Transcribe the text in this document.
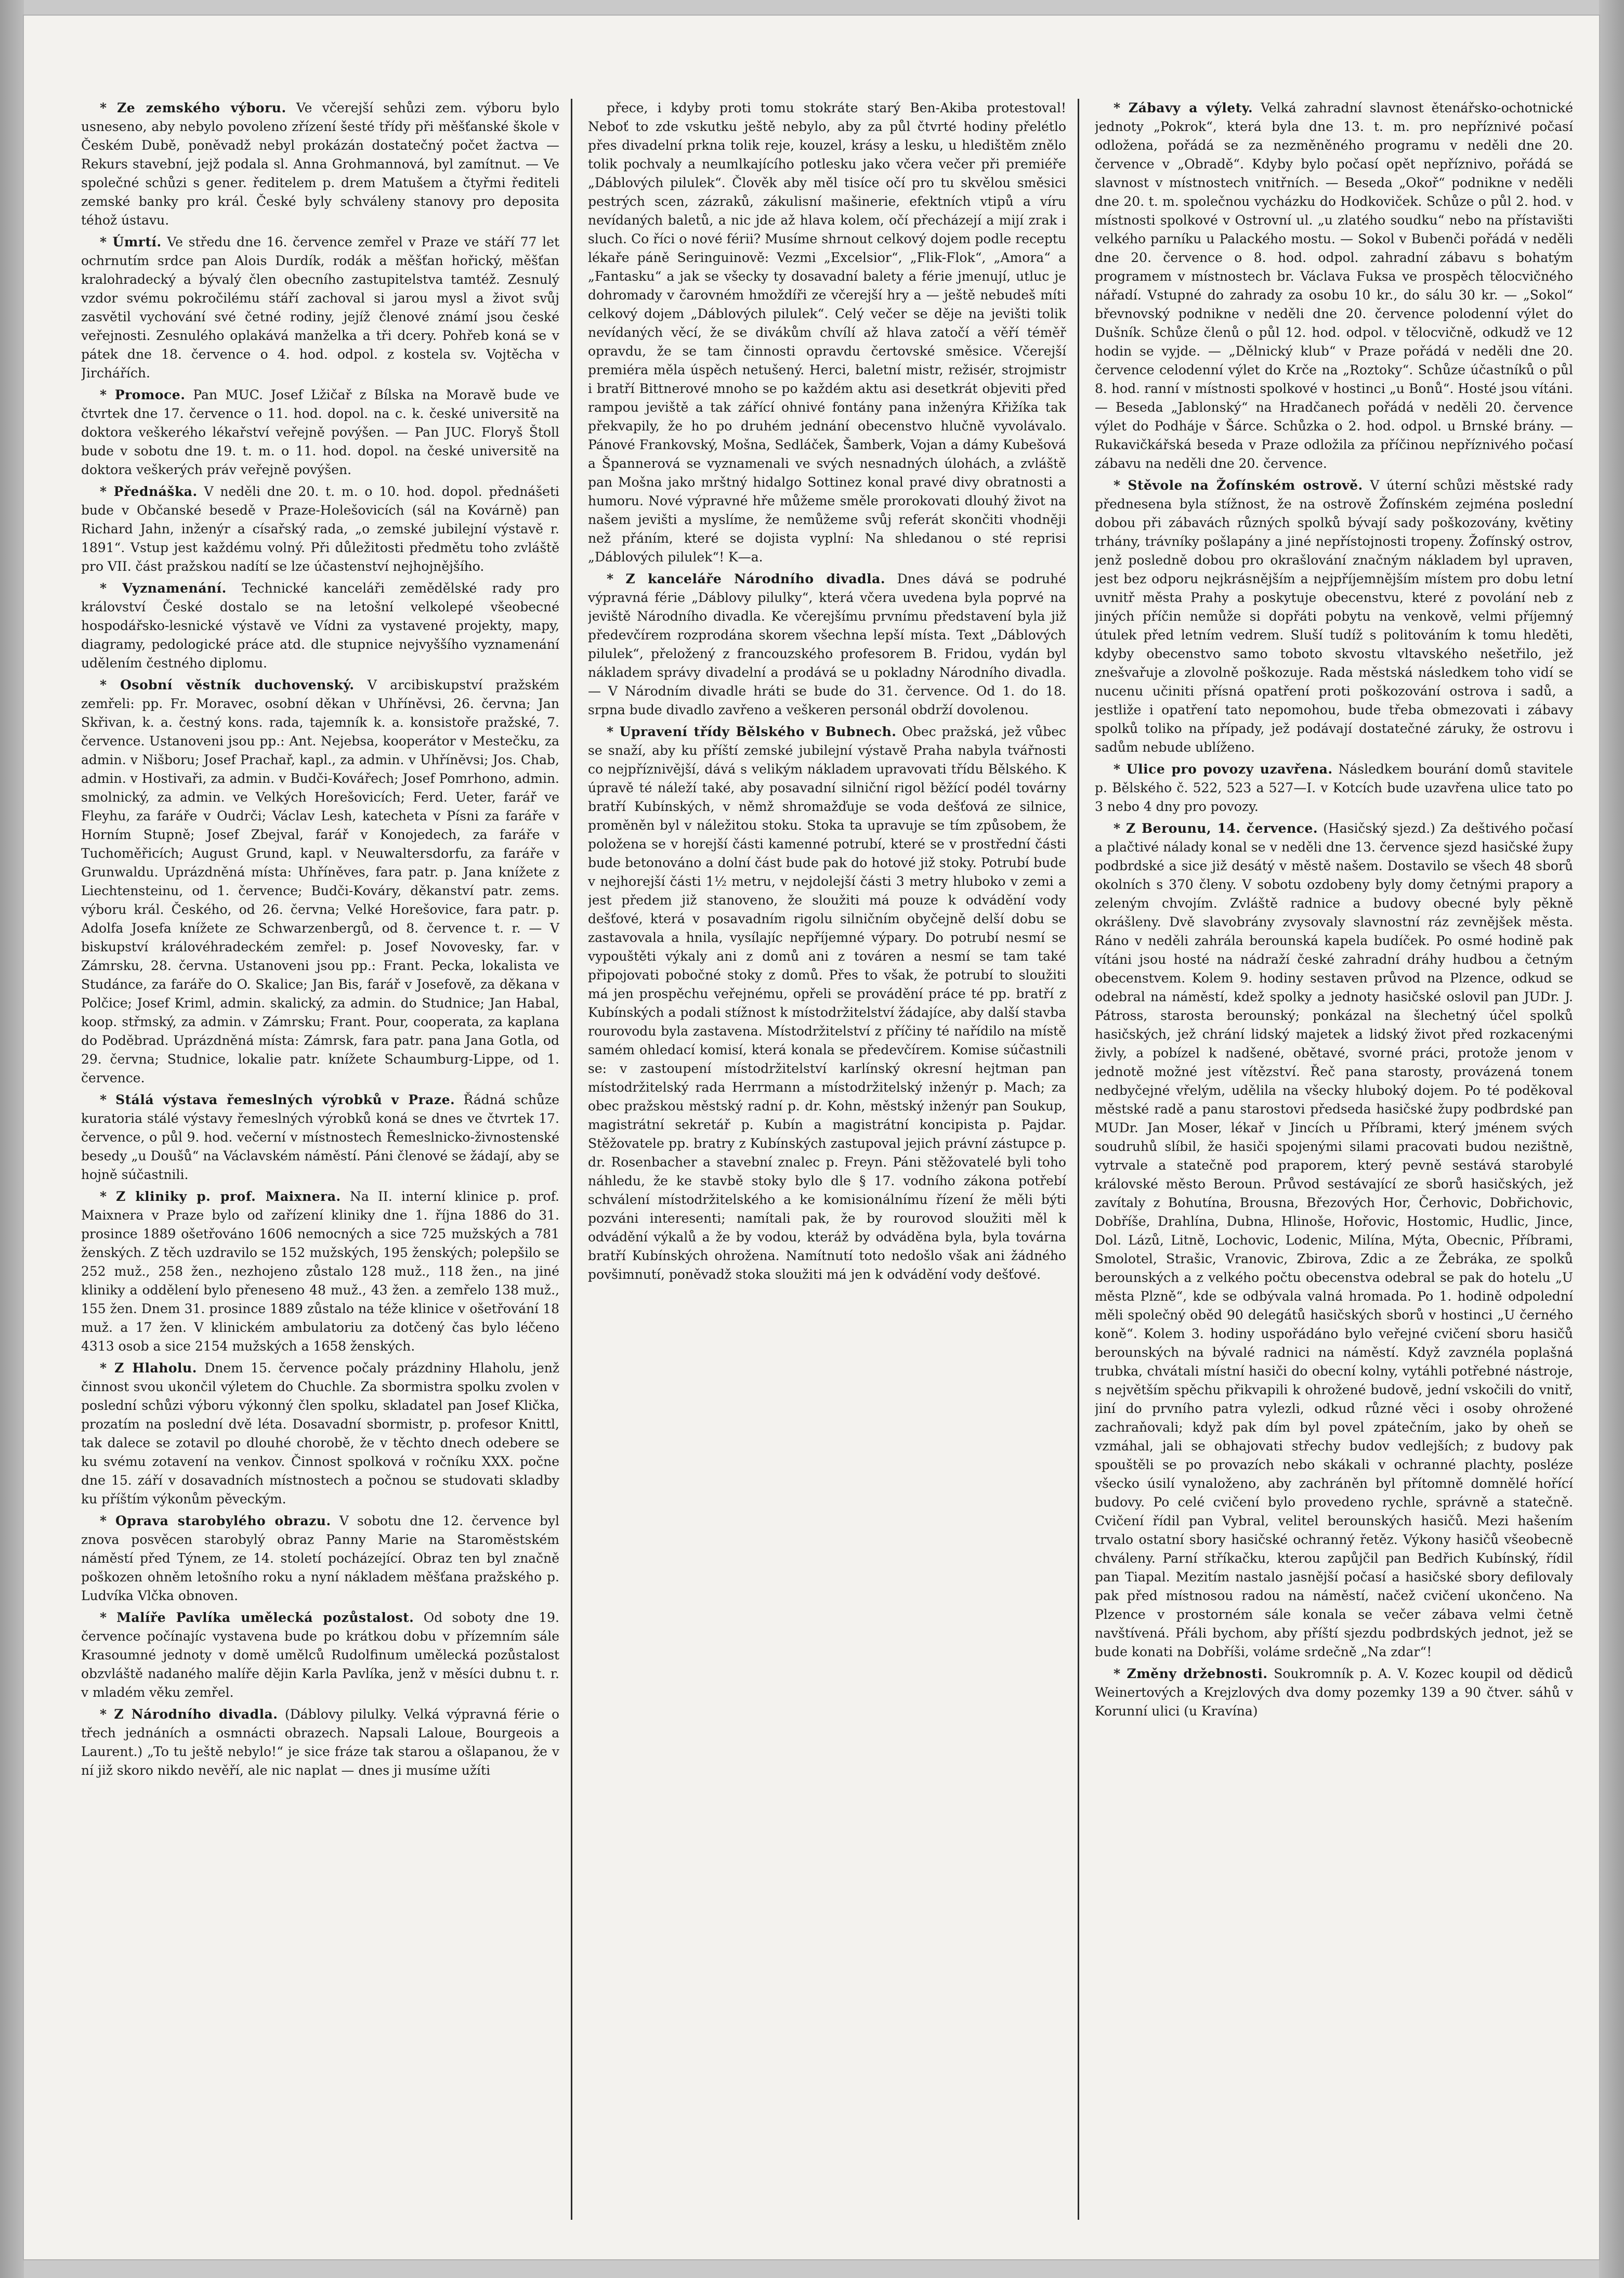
* Ze zemského výboru. Ve včerejší sehůzi zem. výboru bylo usneseno, aby nebylo povoleno zřízení šesté třídy při měšťanské škole v Českém Dubě, poněvadž nebyl prokázán dostatečný počet žactva — Rekurs stavební, jejž podala sl. Anna Grohmannová, byl zamítnut. — Ve společné schůzi s gener. ředitelem p. drem Matušem a čtyřmi řediteli zemské banky pro král. České byly schváleny stanovy pro deposita téhož ústavu.

* Úmrtí. Ve středu dne 16. července zemřel v Praze ve stáří 77 let ochrnutím srdce pan Alois Durdík, rodák a měšťan hořický, měšťan kralohradecký a bývalý člen obecního zastupitelstva tamtéž. Zesnulý vzdor svému pokročilému stáří zachoval si jarou mysl a život svůj zasvětil vychování své četné rodiny, jejíž členové známí jsou české veřejnosti. Zesnulého oplakává manželka a tři dcery. Pohřeb koná se v pátek dne 18. července o 4. hod. odpol. z kostela sv. Vojtěcha v Jirchářích.

* Promoce. Pan MUC. Josef Lžičař z Bílska na Moravě bude ve čtvrtek dne 17. července o 11. hod. dopol. na c. k. české universitě na doktora veškerého lékařství veřejně povýšen. — Pan JUC. Floryš Štoll bude v sobotu dne 19. t. m. o 11. hod. dopol. na české universitě na doktora veškerých práv veřejně povýšen.

* Přednáška. V neděli dne 20. t. m. o 10. hod. dopol. přednášeti bude v Občanské besedě v Praze-Holešovicích (sál na Kovárně) pan Richard Jahn, inženýr a císařský rada, „o zemské jubilejní výstavě r. 1891“. Vstup jest každému volný. Při důležitosti předmětu toho zvláště pro VII. část pražskou nadítí se lze účastenství nejhojnějšího.

* Vyznamenání. Technické kanceláři zemědělské rady pro království České dostalo se na letošní velkolepé všeobecné hospodářsko-lesnické výstavě ve Vídni za vystavené projekty, mapy, diagramy, pedologické práce atd. dle stupnice nejvyššího vyznamenání udělením čestného diplomu.

* Osobní věstník duchovenský. V arcibiskupství pražském zemřeli: pp. Fr. Moravec, osobní děkan v Uhříněvsi, 26. června; Jan Skřivan, k. a. čestný kons. rada, tajemník k. a. konsistoře pražské, 7. července. Ustanoveni jsou pp.: Ant. Nejebsa, kooperátor v Mestečku, za admin. v Nišboru; Josef Prachař, kapl., za admin. v Uhříněvsi; Jos. Chab, admin. v Hostivaři, za admin. v Budči-Kovářech; Josef Pomrhono, admin. smolnický, za admin. ve Velkých Horešovicích; Ferd. Ueter, farář ve Fleyhu, za faráře v Oudrči; Václav Lesh, katecheta v Písni za faráře v Horním Stupně; Josef Zbejval, farář v Konojedech, za faráře v Tuchoměřicích; August Grund, kapl. v Neuwaltersdorfu, za faráře v Grunwaldu. Uprázdněná místa: Uhříněves, fara patr. p. Jana knížete z Liechtensteinu, od 1. července; Budči-Kováry, děkanství patr. zems. výboru král. Českého, od 26. června; Velké Horešovice, fara patr. p. Adolfa Josefa knížete ze Schwarzenbergů, od 8. července t. r. — V biskupství královéhradeckém zemřel: p. Josef Novovesky, far. v Zámrsku, 28. června. Ustanoveni jsou pp.: Frant. Pecka, lokalista ve Studánce, za faráře do O. Skalice; Jan Bis, farář v Josefově, za děkana v Polčice; Josef Kriml, admin. skalický, za admin. do Studnice; Jan Habal, koop. střmský, za admin. v Zámrsku; Frant. Pour, cooperata, za kaplana do Poděbrad. Uprázdněná místa: Zámrsk, fara patr. pana Jana Gotla, od 29. června; Studnice, lokalie patr. knížete Schaumburg-Lippe, od 1. července.

* Stálá výstava řemeslných výrobků v Praze. Řádná schůze kuratoria stálé výstavy řemeslných výrobků koná se dnes ve čtvrtek 17. července, o půl 9. hod. večerní v místnostech Řemeslnicko-živnostenské besedy „u Doušů“ na Václavském náměstí. Páni členové se žádají, aby se hojně súčastnili.

* Z kliniky p. prof. Maixnera. Na II. interní klinice p. prof. Maixnera v Praze bylo od zařízení kliniky dne 1. října 1886 do 31. prosince 1889 ošetřováno 1606 nemocných a sice 725 mužských a 781 ženských. Z těch uzdravilo se 152 mužských, 195 ženských; polepšilo se 252 muž., 258 žen., nezhojeno zůstalo 128 muž., 118 žen., na jiné kliniky a oddělení bylo přeneseno 48 muž., 43 žen. a zemřelo 138 muž., 155 žen. Dnem 31. prosince 1889 zůstalo na téže klinice v ošetřování 18 muž. a 17 žen. V klinickém ambulatoriu za dotčený čas bylo léčeno 4313 osob a sice 2154 mužských a 1658 ženských.

* Z Hlaholu. Dnem 15. července počaly prázdniny Hlaholu, jenž činnost svou ukončil výletem do Chuchle. Za sbormistra spolku zvolen v poslední schůzi výboru výkonný člen spolku, skladatel pan Josef Klička, prozatím na poslední dvě léta. Dosavadní sbormistr, p. profesor Knittl, tak dalece se zotavil po dlouhé chorobě, že v těchto dnech odebere se ku svému zotavení na venkov. Činnost spolková v ročníku XXX. počne dne 15. září v dosavadních místnostech a počnou se studovati skladby ku příštím výkonům pěveckým.

* Oprava starobylého obrazu. V sobotu dne 12. července byl znova posvěcen starobylý obraz Panny Marie na Staroměstském náměstí před Týnem, ze 14. století pocházející. Obraz ten byl značně poškozen ohněm letošního roku a nyní nákladem měšťana pražského p. Ludvíka Vlčka obnoven.

* Malíře Pavlíka umělecká pozůstalost. Od soboty dne 19. července počínajíc vystavena bude po krátkou dobu v přízemním sále Krasoumné jednoty v domě umělců Rudolfinum umělecká pozůstalost obzvláště nadaného malíře dějin Karla Pavlíka, jenž v měsíci dubnu t. r. v mladém věku zemřel.

* Z Národního divadla. (Dáblovy pilulky. Velká výpravná férie o třech jednáních a osmnácti obrazech. Napsali Laloue, Bourgeois a Laurent.) „To tu ještě nebylo!“ je sice fráze tak starou a ošlapanou, že v ní již skoro nikdo nevěří, ale nic naplat — dnes ji musíme užíti

přece, i kdyby proti tomu stokráte starý Ben-Akiba protestoval! Neboť to zde vskutku ještě nebylo, aby za půl čtvrté hodiny přelétlo přes divadelní prkna tolik reje, kouzel, krásy a lesku, u hledištěm znělo tolik pochvaly a neumlkajícího potlesku jako včera večer při premiéře „Dáblových pilulek“. Člověk aby měl tisíce očí pro tu skvělou směsici pestrých scen, zázraků, zákulisní mašinerie, efektních vtipů a víru nevídaných baletů, a nic jde až hlava kolem, očí přecházejí a mijí zrak i sluch. Co říci o nové férii? Musíme shrnout celkový dojem podle receptu lékaře páně Seringuinově: Vezmi „Excelsior“, „Flik-Flok“, „Amora“ a „Fantasku“ a jak se všecky ty dosavadní balety a férie jmenují, utluc je dohromady v čarovném hmoždíři ze včerejší hry a — ještě nebudeš míti celkový dojem „Dáblových pilulek“. Celý večer se děje na jevišti tolik nevídaných věcí, že se divákům chvílí až hlava zatočí a věří téměř opravdu, že se tam činnosti opravdu čertovské směsice. Včerejší premiéra měla úspěch netušený. Herci, baletní mistr, režisér, strojmistr i bratří Bittnerové mnoho se po každém aktu asi desetkrát objeviti před rampou jeviště a tak zářící ohnivé fontány pana inženýra Křižíka tak překvapily, že ho po druhém jednání obecenstvo hlučně vyvolávalo. Pánové Frankovský, Mošna, Sedláček, Šamberk, Vojan a dámy Kubešová a Špannerová se vyznamenali ve svých nesnadných úlohách, a zvláště pan Mošna jako mrštný hidalgo Sottinez konal pravé divy obratnosti a humoru. Nové výpravné hře můžeme směle prorokovati dlouhý život na našem jevišti a myslíme, že nemůžeme svůj referát skončiti vhodněji než přáním, které se dojista vyplní: Na shledanou o sté reprisi „Dáblových pilulek“! K—a.

* Z kanceláře Národního divadla. Dnes dává se podruhé výpravná férie „Dáblovy pilulky“, která včera uvedena byla poprvé na jeviště Národního divadla. Ke včerejšímu prvnímu představení byla již předevčírem rozprodána skorem všechna lepší místa. Text „Dáblových pilulek“, přeložený z francouzského profesorem B. Fridou, vydán byl nákladem správy divadelní a prodává se u pokladny Národního divadla. — V Národním divadle hráti se bude do 31. července. Od 1. do 18. srpna bude divadlo zavřeno a veškeren personál obdrží dovolenou.

* Upravení třídy Bělského v Bubnech. Obec pražská, jež vůbec se snaží, aby ku příští zemské jubilejní výstavě Praha nabyla tvářnosti co nejpříznivější, dává s velikým nákladem upravovati třídu Bělského. K úpravě té náleží také, aby posavadní silniční rigol běžící podél továrny bratří Kubínských, v němž shromažďuje se voda dešťová ze silnice, proměněn byl v náležitou stoku. Stoka ta upravuje se tím způsobem, že položena se v horejší části kamenné potrubí, které se v prostřední části bude betonováno a dolní část bude pak do hotové již stoky. Potrubí bude v nejhorejší části 1½ metru, v nejdolejší části 3 metry hluboko v zemi a jest předem již stanoveno, že sloužiti má pouze k odvádění vody dešťové, která v posavadním rigolu silničním obyčejně delší dobu se zastavovala a hnila, vysílajíc nepříjemné výpary. Do potrubí nesmí se vypouštěti výkaly ani z domů ani z továren a nesmí se tam také připojovati pobočné stoky z domů. Přes to však, že potrubí to sloužiti má jen prospěchu veřejnému, opřeli se provádění práce té pp. bratří z Kubínských a podali stížnost k místodržitelství žádajíce, aby další stavba rourovodu byla zastavena. Místodržitelství z příčiny té nařídilo na místě samém ohledací komisí, která konala se předevčírem. Komise súčastnili se: v zastoupení místodržitelství karlínský okresní hejtman pan místodržitelský rada Herrmann a místodržitelský inženýr p. Mach; za obec pražskou městský radní p. dr. Kohn, městský inženýr pan Soukup, magistrátní sekretář p. Kubín a magistrátní koncipista p. Pajdar. Stěžovatele pp. bratry z Kubínských zastupoval jejich právní zástupce p. dr. Rosenbacher a stavební znalec p. Freyn. Páni stěžovatelé byli toho náhledu, že ke stavbě stoky bylo dle § 17. vodního zákona potřebí schválení místodržitelského a ke komisionálnímu řízení že měli býti pozváni interesenti; namítali pak, že by rourovod sloužiti měl k odvádění výkalů a že by vodou, kteráž by odváděna byla, byla továrna bratří Kubínských ohrožena. Namítnutí toto nedošlo však ani žádného povšimnutí, poněvadž stoka sloužiti má jen k odvádění vody dešťové.

* Zábavy a výlety. Velká zahradní slavnost ětenářsko-ochotnické jednoty „Pokrok“, která byla dne 13. t. m. pro nepříznivé počasí odložena, pořádá se za nezměněného programu v neděli dne 20. července v „Obradě“. Kdyby bylo počasí opět nepříznivo, pořádá se slavnost v místnostech vnitřních. — Beseda „Okoř“ podnikne v neděli dne 20. t. m. společnou vycházku do Hodkoviček. Schůze o půl 2. hod. v místnosti spolkové v Ostrovní ul. „u zlatého soudku“ nebo na přístavišti velkého parníku u Palackého mostu. — Sokol v Bubenči pořádá v neděli dne 20. července o 8. hod. odpol. zahradní zábavu s bohatým programem v místnostech br. Václava Fuksa ve prospěch tělocvičného nářadí. Vstupné do zahrady za osobu 10 kr., do sálu 30 kr. — „Sokol“ břevnovský podnikne v neděli dne 20. července polodenní výlet do Dušník. Schůze členů o půl 12. hod. odpol. v tělocvičně, odkudž ve 12 hodin se vyjde. — „Dělnický klub“ v Praze pořádá v neděli dne 20. července celodenní výlet do Krče na „Roztoky“. Schůze účastníků o půl 8. hod. ranní v místnosti spolkové v hostinci „u Bonů“. Hosté jsou vítáni. — Beseda „Jablonský“ na Hradčanech pořádá v neděli 20. července výlet do Podháje v Šárce. Schůzka o 2. hod. odpol. u Brnské brány. — Rukavičkářská beseda v Praze odložila za příčinou nepříznivého počasí zábavu na neděli dne 20. července.

* Stěvole na Žofínském ostrově. V úterní schůzi městské rady přednesena byla stížnost, že na ostrově Žofínském zejména poslední dobou při zábavách různých spolků bývají sady poškozovány, květiny trhány, trávníky pošlapány a jiné nepřístojnosti tropeny. Žofínský ostrov, jenž posledně dobou pro okrašlování značným nákladem byl upraven, jest bez odporu nejkrásnějším a nejpříjemnějším místem pro dobu letní uvnitř města Prahy a poskytuje obecenstvu, které z povolání neb z jiných příčin nemůže si dopřáti pobytu na venkově, velmi příjemný útulek před letním vedrem. Sluší tudíž s politováním k tomu hleděti, kdyby obecenstvo samo toboto skvostu vltavského nešetřilo, jež znešvařuje a zlovolně poškozuje. Rada městská následkem toho vidí se nucenu učiniti přísná opatření proti poškozování ostrova i sadů, a jestliže i opatření tato nepomohou, bude třeba obmezovati i zábavy spolků toliko na případy, jež podávají dostatečné záruky, že ostrovu i sadům nebude ublíženo.

* Ulice pro povozy uzavřena. Následkem bourání domů stavitele p. Bělského č. 522, 523 a 527—I. v Kotcích bude uzavřena ulice tato po 3 nebo 4 dny pro povozy.

* Z Berounu, 14. července. (Hasičský sjezd.) Za deštivého počasí a plačtivé nálady konal se v neděli dne 13. července sjezd hasičské župy podbrdské a sice již desátý v městě našem. Dostavilo se všech 48 sborů okolních s 370 členy. V sobotu ozdobeny byly domy četnými prapory a zeleným chvojím. Zvláště radnice a budovy obecné byly pěkně okrášleny. Dvě slavobrány zvysovaly slavnostní ráz zevnějšek města. Ráno v neděli zahrála berounská kapela budíček. Po osmé hodině pak vítáni jsou hosté na nádraží české zahradní dráhy hudbou a četným obecenstvem. Kolem 9. hodiny sestaven průvod na Plzence, odkud se odebral na náměstí, kdež spolky a jednoty hasičské oslovil pan JUDr. J. Pátross, starosta berounský; ponkázal na šlechetný účel spolků hasičských, jež chrání lidský majetek a lidský život před rozkacenými živly, a pobízel k nadšené, obětavé, svorné práci, protože jenom v jednotě možné jest vítězství. Řeč pana starosty, provázená tonem nedbyčejné vřelým, udělila na všecky hluboký dojem. Po té poděkoval městské radě a panu starostovi předseda hasičské župy podbrdské pan MUDr. Jan Moser, lékař v Jincích u Příbrami, který jménem svých soudruhů slíbil, že hasiči spojenými silami pracovati budou nezištně, vytrvale a statečně pod praporem, který pevně sestává starobylé královské město Beroun. Průvod sestávající ze sborů hasičských, jež zavítaly z Bohutína, Brousna, Březových Hor, Čerhovic, Dobřichovic, Dobříše, Drahlína, Dubna, Hlinoše, Hořovic, Hostomic, Hudlic, Jince, Dol. Lázů, Litně, Lochovic, Lodenic, Milína, Mýta, Obecnic, Příbrami, Smolotel, Strašic, Vranovic, Zbirova, Zdic a ze Žebráka, ze spolků berounských a z velkého počtu obecenstva odebral se pak do hotelu „U města Plzně“, kde se odbývala valná hromada. Po 1. hodině odpolední měli společný oběd 90 delegátů hasičských sborů v hostinci „U černého koně“. Kolem 3. hodiny uspořádáno bylo veřejné cvičení sboru hasičů berounských na bývalé radnici na náměstí. Když zavznéla poplašná trubka, chvátali místní hasiči do obecní kolny, vytáhli potřebné nástroje, s největším spěchu přikvapili k ohrožené budově, jední vskočili do vnitř, jiní do prvního patra vylezli, odkud různé věci i osoby ohrožené zachraňovali; když pak dím byl povel zpátečním, jako by oheň se vzmáhal, jali se obhajovati střechy budov vedlejších; z budovy pak spouštěli se po provazích nebo skákali v ochranné plachty, posléze všecko úsilí vynaloženo, aby zachráněn byl přítomně domnělé hořící budovy. Po celé cvičení bylo provedeno rychle, správně a statečně. Cvičení řídil pan Vybral, velitel berounských hasičů. Mezi hašením trvalo ostatní sbory hasičské ochranný řetěz. Výkony hasičů všeobecně chváleny. Parní stříkačku, kterou zapůjčil pan Bedřich Kubínský, řídil pan Tiapal. Mezitím nastalo jasnější počasí a hasičské sbory defilovaly pak před místnosou radou na náměstí, načež cvičení ukončeno. Na Plzence v prostorném sále konala se večer zábava velmi četně navštívená. Přáli bychom, aby příští sjezdu podbrdských jednot, jež se bude konati na Dobříši, voláme srdečně „Na zdar“!

* Změny držebnosti. Soukromník p. A. V. Kozec koupil od dědiců Weinertových a Krejzlových dva domy pozemky 139 a 90 čtver. sáhů v Korunní ulici (u Kravína)
